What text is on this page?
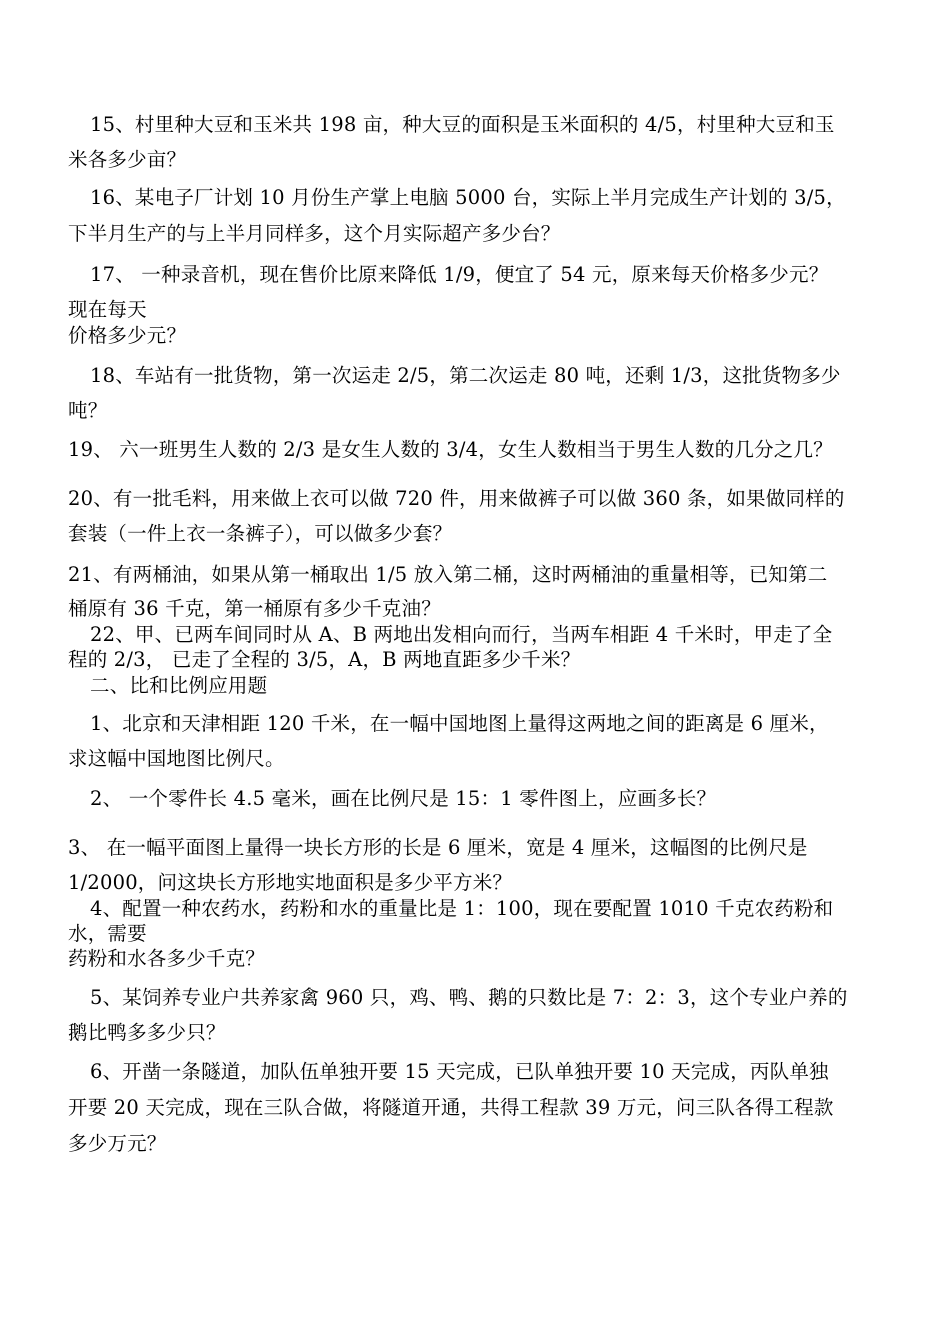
15、村里种大豆和玉米共 198 亩，种大豆的面积是玉米面积的 4/5，村里种大豆和玉
米各多少亩？
16、某电子厂计划 10 月份生产掌上电脑 5000 台，实际上半月完成生产计划的 3/5，
下半月生产的与上半月同样多，这个月实际超产多少台？
17、 一种录音机，现在售价比原来降低 1/9，便宜了 54 元，原来每天价格多少元？
现在每天
价格多少元？
18、车站有一批货物，第一次运走 2/5，第二次运走 80 吨，还剩 1/3，这批货物多少
吨？
19、 六一班男生人数的 2/3 是女生人数的 3/4，女生人数相当于男生人数的几分之几？
20、有一批毛料，用来做上衣可以做 720 件，用来做裤子可以做 360 条，如果做同样的
套装（一件上衣一条裤子），可以做多少套？
21、有两桶油，如果从第一桶取出 1/5 放入第二桶，这时两桶油的重量相等，已知第二
桶原有 36 千克，第一桶原有多少千克油？
22、甲、已两车间同时从 A、B 两地出发相向而行，当两车相距 4 千米时，甲走了全
程的 2/3， 已走了全程的 3/5，A，B 两地直距多少千米？
二、比和比例应用题
1、北京和天津相距 120 千米，在一幅中国地图上量得这两地之间的距离是 6 厘米，
求这幅中国地图比例尺。
2、 一个零件长 4.5 毫米，画在比例尺是 15：1 零件图上，应画多长？
3、 在一幅平面图上量得一块长方形的长是 6 厘米，宽是 4 厘米，这幅图的比例尺是
1/2000，问这块长方形地实地面积是多少平方米？
4、配置一种农药水，药粉和水的重量比是 1：100，现在要配置 1010 千克农药粉和
水，需要
药粉和水各多少千克？
5、某饲养专业户共养家禽 960 只，鸡、鸭、鹅的只数比是 7：2：3，这个专业户养的
鹅比鸭多多少只？
6、开凿一条隧道，加队伍单独开要 15 天完成，已队单独开要 10 天完成，丙队单独
开要 20 天完成，现在三队合做，将隧道开通，共得工程款 39 万元，问三队各得工程款
多少万元？
